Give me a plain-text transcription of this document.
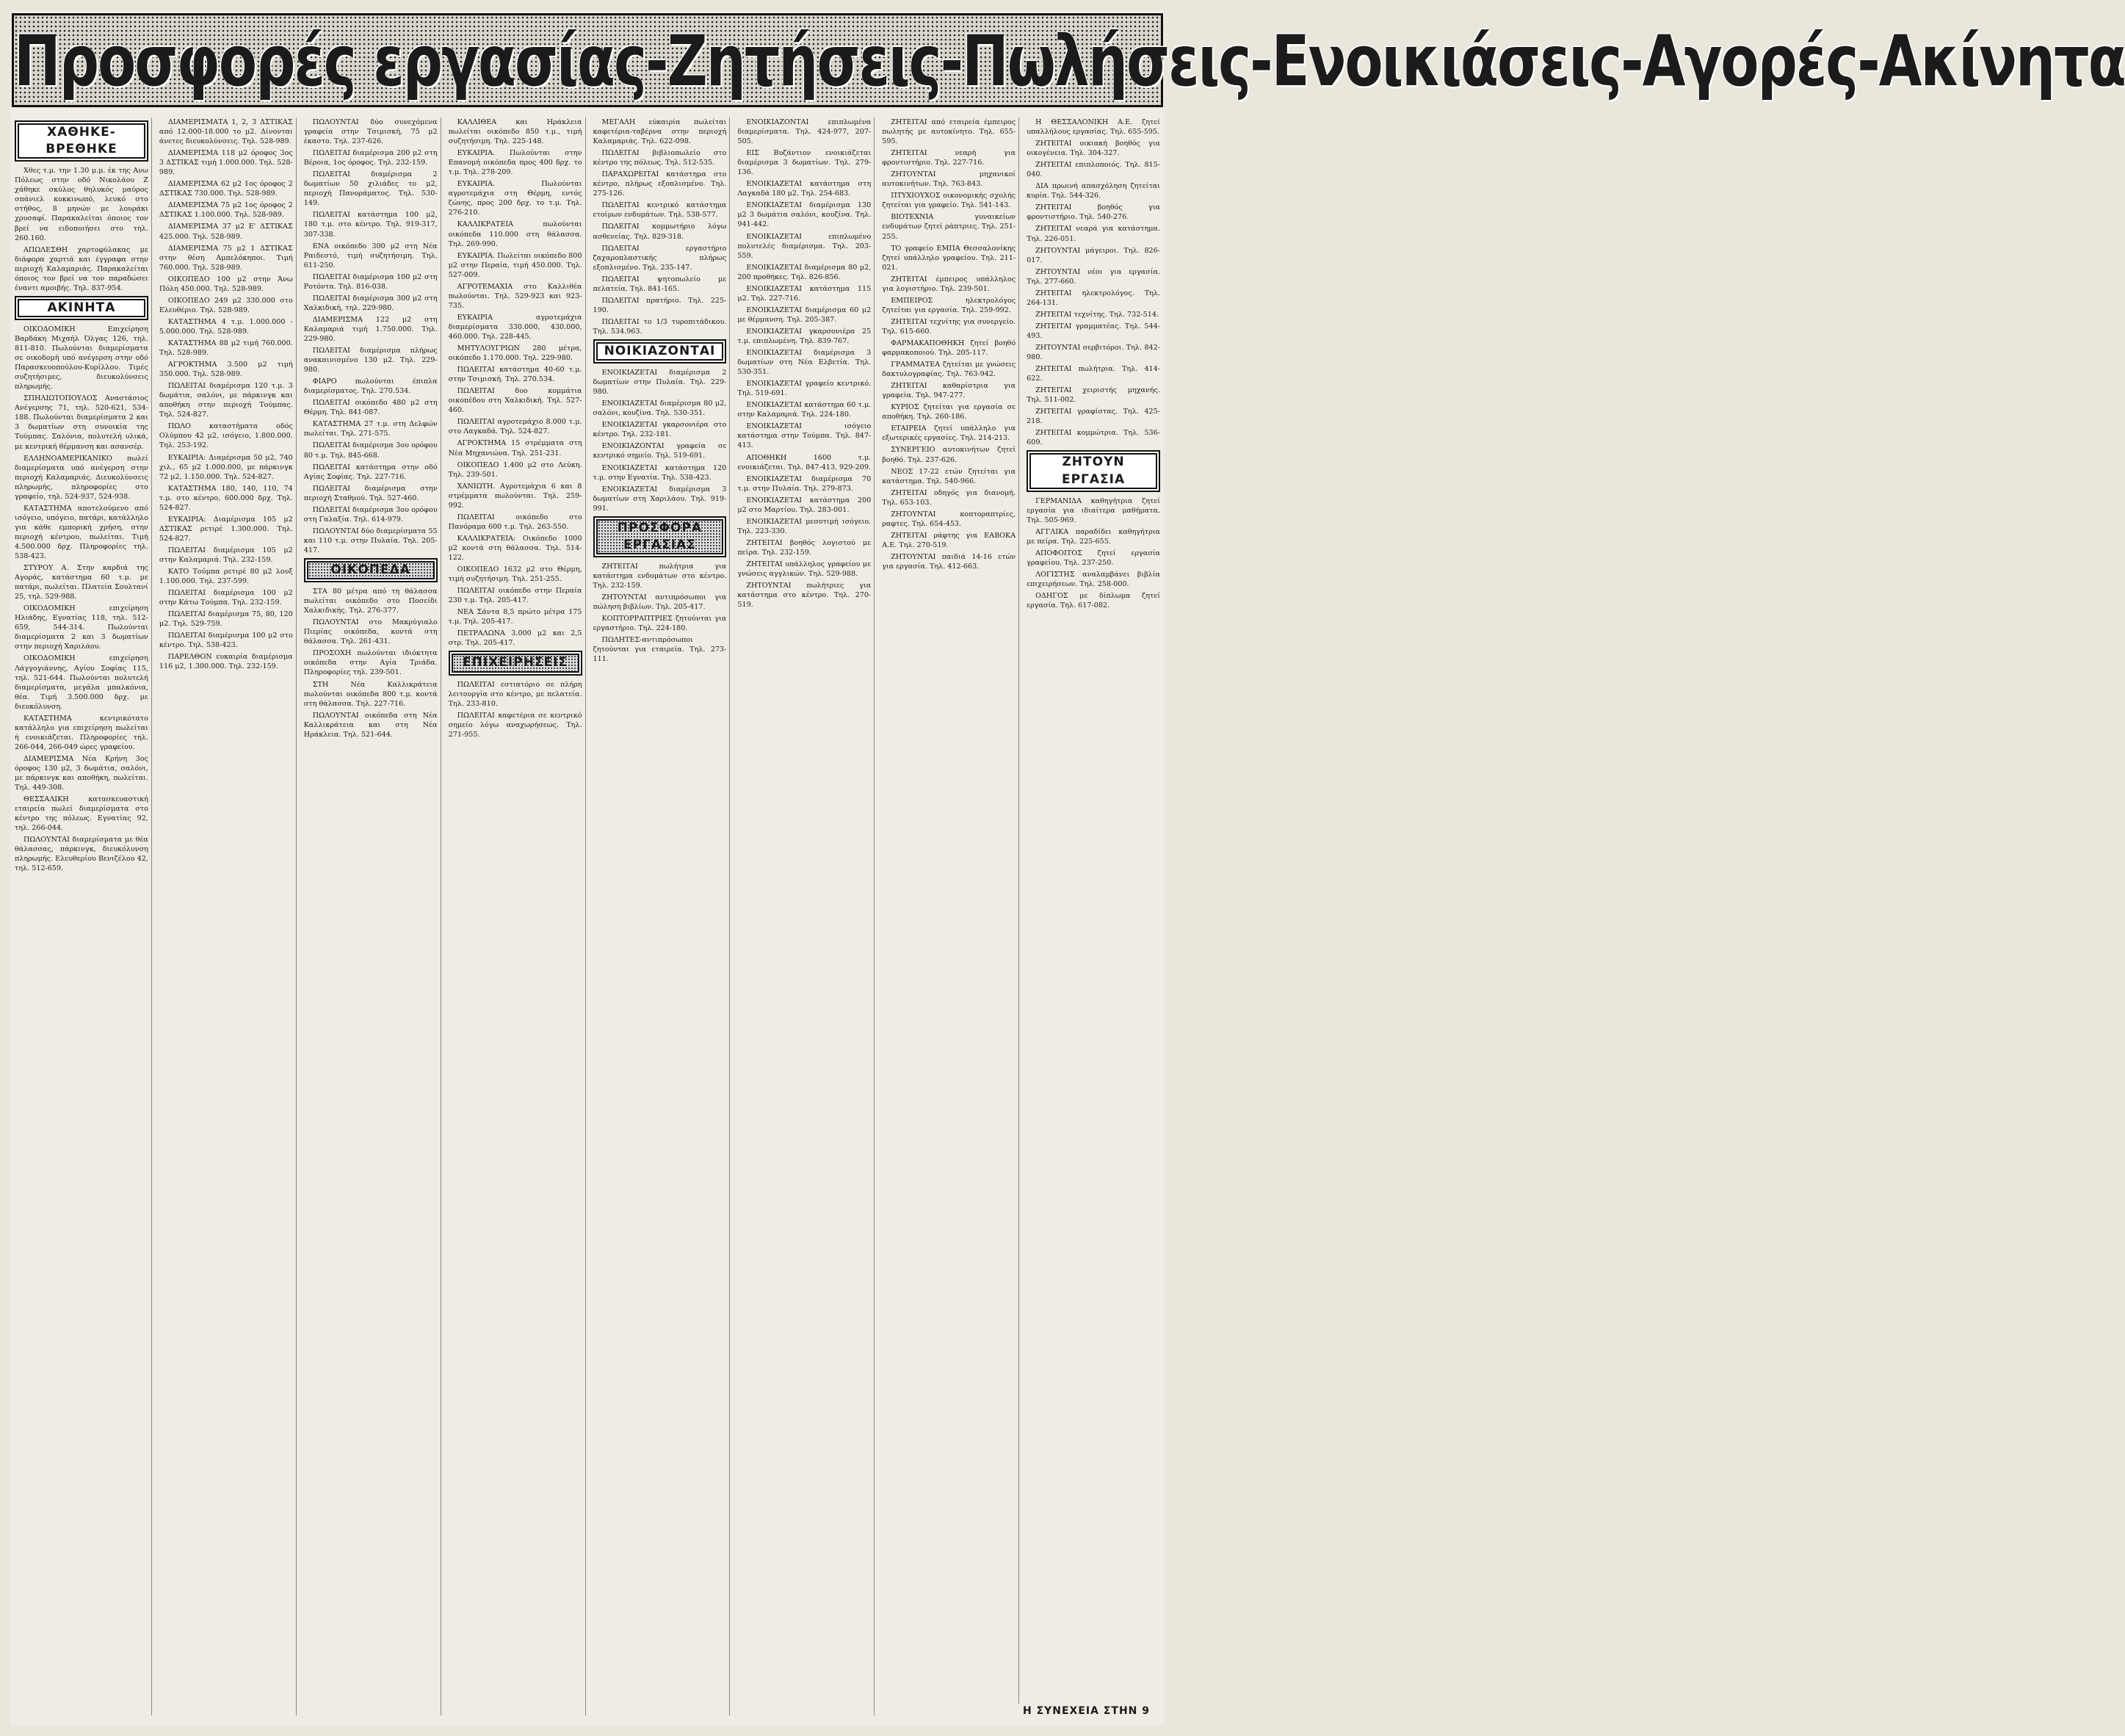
Προσφορές εργασίας-Ζητήσεις-Πωλήσεις-Ενοικιάσεις-Αγορές-Ακίνητα
ΧΑΘΗΚΕ-ΒΡΕΘΗΚΕ

Χθες τ.μ. την 1.30 μ.μ. έκ της Ανω Πόλεως στην οδό Νικολάου Ζ χάθηκε σκύλος θηλυκός μαύρος σπάνιελ κοκκινωπό, λευκό στο στήθος, 8 μηνών με λουράκι χρυσαφί. Παρακαλείται όποιος τον βρεί να ειδοποιήσει στο τηλ. 260.160.

ΑΠΩΛΕΣΘΗ χαρτοφύλακας με διάφορα χαρτιά και έγγραφα στην περιοχή Καλαμαριάς. Παρακαλείται όποιος τον βρεί να τον παραδώσει έναντι αμοιβής. Τηλ. 837-954.

ΑΚΙΝΗΤΑ

ΟΙΚΟΔΟΜΙΚΗ Επιχείρηση Βαρδάκη Μιχαήλ Όλγας 126, τηλ. 811-810. Πωλούνται διαμερίσματα σε οικοδομή υπό ανέγερση στην οδό Παρασκευοπούλου-Κυρίλλου. Τιμές συζητήσιμες, διευκολύνσεις πληρωμής.

ΣΠΗΛΙΩΤΟΠΟΥΛΟΣ Αναστάσιος Ανέγερσης 71, τηλ. 520-621, 534-188. Πωλούνται διαμερίσματα 2 και 3 δωματίων στη συνοικία της Τούμπας. Σαλόνια, πολυτελή υλικά, με κεντρική θέρμανση και ασανσέρ.

ΕΛΛΗΝΟΑΜΕΡΙΚΑΝΙΚΟ πωλεί διαμερίσματα υπό ανέγερση στην περιοχή Καλαμαριάς. Διευκολύνσεις πληρωμής, πληροφορίες στο γραφείο, τηλ. 524-937, 524-938.

ΚΑΤΑΣΤΗΜΑ αποτελούμενο από ισόγειο, υπόγειο, πατάρι, κατάλληλο για κάθε εμπορική χρήση, στην περιοχή κέντρου, πωλείται. Τιμή 4.500.000 δρχ. Πληροφορίες τηλ. 538-423.

ΣΤΥΡΟΥ Α. Στην καρδιά της Αγοράς, κατάστημα 60 τ.μ. με πατάρι, πωλείται. Πλατεία Σουλτανί 25, τηλ. 529-988.

ΟΙΚΟΔΟΜΙΚΗ επιχείρηση Ηλιάδης, Εγνατίας 118, τηλ. 512-659, 544-314. Πωλούνται διαμερίσματα 2 και 3 δωματίων στην περιοχή Χαριλάου.

ΟΙΚΟΔΟΜΙΚΗ επιχείρηση Λάγγογιάννης, Αγίου Σοφίας 115, τηλ. 521-644. Πωλούνται πολυτελή διαμερίσματα, μεγάλα μπαλκόνια, θέα. Τιμή 3.500.000 δρχ. με διευκόλυνση.

ΚΑΤΑΣΤΗΜΑ κεντρικότατο κατάλληλο για επιχείρηση πωλείται ή ενοικιάζεται. Πληροφορίες τηλ. 266-044, 266-049 ώρες γραφείου.

ΔΙΑΜΕΡΙΣΜΑ Νέα Κρήνη 3ος όροφος 130 μ2, 3 δωμάτια, σαλόνι, με πάρκινγκ και αποθήκη, πωλείται. Τηλ. 449-308.

ΘΕΣΣΑΛΙΚΗ κατασκευαστική εταιρεία πωλεί διαμερίσματα στο κέντρο της πόλεως. Εγνατίας 92, τηλ. 266-044.

ΠΩΛΟΥΝΤΑΙ διαμερίσματα με θέα θάλασσας, πάρκινγκ, διευκόλυνση πληρωμής. Ελευθερίου Βενιζέλου 42, τηλ. 512-659.

ΔΙΑΜΕΡΙΣΜΑΤΑ 1, 2, 3 ΔΣΤΙΚΑΣ από 12.000-18.000 το μ2. Δίνονται άνετες διευκολύνσεις. Τηλ. 528-989.

ΔΙΑΜΕΡΙΣΜΑ 118 μ2 όροφος 3ος 3 ΔΣΤΙΚΑΣ τιμή 1.000.000. Τηλ. 528-989.

ΔΙΑΜΕΡΙΣΜΑ 62 μ2 1ος όροφος 2 ΔΣΤΙΚΑΣ 730.000. Τηλ. 528-989.

ΔΙΑΜΕΡΙΣΜΑ 75 μ2 1ος όροφος 2 ΔΣΤΙΚΑΣ 1.100.000. Τηλ. 528-989.

ΔΙΑΜΕΡΙΣΜΑ 37 μ2 Ε' ΔΣΤΙΚΑΣ 425.000. Τηλ. 528-989.

ΔΙΑΜΕΡΙΣΜΑ 75 μ2 1 ΔΣΤΙΚΑΣ στην θέση Αμπελόκηποι. Τιμή 760.000. Τηλ. 528-989.

ΟΙΚΟΠΕΔΟ 100 μ2 στην Άνω Πόλη 450.000. Τηλ. 528-989.

ΟΙΚΟΠΕΔΟ 249 μ2 330.000 στο Ελευθέριο. Τηλ. 528-989.

ΚΑΤΑΣΤΗΜΑ 4 τ.μ. 1.000.000 - 5.000.000. Τηλ. 528-989.

ΚΑΤΑΣΤΗΜΑ 88 μ2 τιμή 760.000. Τηλ. 528-989.

ΑΓΡΟΚΤΗΜΑ 3.500 μ2 τιμή 350.000. Τηλ. 528-989.

ΠΩΛΕΙΤΑΙ διαμέρισμα 120 τ.μ. 3 δωμάτια, σαλόνι, με πάρκινγκ και αποθήκη στην περιοχή Τούμπας. Τηλ. 524-827.

ΠΩΛΟ καταστήματα οδός Ολύμπου 42 μ2, ισόγειο, 1.800.000. Τηλ. 253-192.

ΕΥΚΑΙΡΙΑ: Διαμέρισμα 50 μ2, 740 χιλ., 65 μ2 1.000.000, με πάρκινγκ 72 μ2, 1.150.000. Τηλ. 524-827.

ΚΑΤΑΣΤΗΜΑ 180, 140, 110, 74 τ.μ. στο κέντρο, 600.000 δρχ. Τηλ. 524-827.

ΕΥΚΑΙΡΙΑ: Διαμέρισμα 105 μ2 ΔΣΤΙΚΑΣ ρετιρέ 1.300.000. Τηλ. 524-827.

ΠΩΛΕΙΤΑΙ διαμέρισμα 105 μ2 στην Καλαμαριά. Τηλ. 232-159.

ΚΑΤΟ Τούμπα ρετιρέ 80 μ2 λουξ 1.100.000. Τηλ. 237-599.

ΠΩΛΕΙΤΑΙ διαμέρισμα 100 μ2 στην Κάτω Τούμπα. Τηλ. 232-159.

ΠΩΛΕΙΤΑΙ διαμέρισμα 75, 80, 120 μ2. Τηλ. 529-759.

ΠΩΛΕΙΤΑΙ διαμέρισμα 100 μ2 στο κέντρο. Τηλ. 538-423.

ΠΑΡΕΛΘΟΝ ευκαιρία διαμέρισμα 116 μ2, 1.300.000. Τηλ. 232-159.

ΠΩΛΟΥΝΤΑΙ δύο συνεχόμενα γραφεία στην Τσιμισκή, 75 μ2 έκαστο. Τηλ. 237-626.

ΠΩΛΕΙΤΑΙ διαμέρισμα 200 μ2 στη Βέροια, 1ος όροφος. Τηλ. 232-159.

ΠΩΛΕΙΤΑΙ διαμέρισμα 2 δωματίων 50 χιλιάδες το μ2, περιοχή Πανοράματος. Τηλ. 530-149.

ΠΩΛΕΙΤΑΙ κατάστημα 100 μ2, 180 τ.μ. στο κέντρο. Τηλ. 919-317, 307-338.

ΕΝΑ οικόπεδο 300 μ2 στη Νέα Ραιδεστό, τιμή συζητήσιμη. Τηλ. 611-250.

ΠΩΛΕΙΤΑΙ διαμέρισμα 100 μ2 στη Ροτόντα. Τηλ. 816-038.

ΠΩΛΕΙΤΑΙ διαμέρισμα 300 μ2 στη Χαλκιδική, τηλ. 229-980.

ΔΙΑΜΕΡΙΣΜΑ 122 μ2 στη Καλαμαριά τιμή 1.750.000. Τηλ. 229-980.

ΠΩΛΕΙΤΑΙ διαμέρισμα πλήρως ανακαινισμένο 130 μ2. Τηλ. 229-980.

ΦΙΑΡΟ πωλούνται έπιπλα διαμερίσματος. Τηλ. 270.534.

ΠΩΛΕΙΤΑΙ οικόπεδο 480 μ2 στη Θέρμη. Τηλ. 841-087.

ΚΑΤΑΣΤΗΜΑ 27 τ.μ. στη Δελφών πωλείται. Τηλ. 271-575.

ΠΩΛΕΙΤΑΙ διαμέρισμα 3ου ορόφου 80 τ.μ. Τηλ. 845-668.

ΠΩΛΕΙΤΑΙ κατάστημα στην οδό Αγίας Σοφίας. Τηλ. 227-716.

ΠΩΛΕΙΤΑΙ διαμέρισμα στην περιοχή Σταθμού. Τηλ. 527-460.

ΠΩΛΕΙΤΑΙ διαμέρισμα 3ου ορόφου στη Γαλαξία. Τηλ. 614-979.

ΠΩΛΟΥΝΤΑΙ δύο διαμερίσματα 55 και 110 τ.μ. στην Πυλαία. Τηλ. 205-417.

ΟΙΚΟΠΕΔΑ

ΣΤΑ 80 μέτρα από τη θάλασσα πωλείται οικόπεδο στο Ποσείδι Χαλκιδικής. Τηλ. 276-377.

ΠΩΛΟΥΝΤΑΙ στο Μακρύγιαλο Πιερίας οικόπεδα, κοντά στη θάλασσα. Τηλ. 261-431.

ΠΡΟΣΟΧΗ πωλούνται ιδιόκτητα οικόπεδα στην Αγία Τριάδα. Πληροφορίες τηλ. 239-501.

ΣΤΗ Νέα Καλλικράτεια πωλούνται οικόπεδα 800 τ.μ. κοντά στη θάλασσα. Τηλ. 227-716.

ΠΩΛΟΥΝΤΑΙ οικόπεδα στη Νέα Καλλικράτεια και στη Νέα Ηράκλεια. Τηλ. 521-644.

ΚΑΛΛΙΘΕΑ και Ηράκλεια πωλείται οικόπεδο 850 τ.μ., τιμή συζητήσιμη. Τηλ. 225-148.

ΕΥΚΑΙΡΙΑ. Πωλούνται στην Επανομή οικόπεδα προς 400 δρχ. το τ.μ. Τηλ. 278-209.

ΕΥΚΑΙΡΙΑ. Πωλούνται αγροτεμάχια στη Θέρμη, εντός ζώνης, προς 200 δρχ. το τ.μ. Τηλ. 276-210.

ΚΑΛΛΙΚΡΑΤΕΙΑ πωλούνται οικόπεδα 110.000 στη θάλασσα. Τηλ. 269-990.

ΕΥΚΑΙΡΙΑ. Πωλείται οικόπεδο 800 μ2 στην Περαία, τιμή 450.000. Τηλ. 527-009.

ΑΓΡΟΤΕΜΑΧΙΑ στο Καλλιθέα πωλούνται. Τηλ. 529-923 και 923-735.

ΕΥΚΑΙΡΙΑ αγροτεμάχια διαμερίσματα 330.000, 430.000, 460.000. Τηλ. 228-445.

ΜΗΤΥΛΟΥΓΡΙΩΝ 280 μέτρα, οικόπεδο 1.170.000. Τηλ. 229-980.

ΠΩΛΕΙΤΑΙ κατάστημα 40-60 τ.μ. στην Τσιμισκή. Τηλ. 270.534.

ΠΩΛΕΙΤΑΙ δυο κομμάτια οικοπέδου στη Χαλκιδική. Τηλ. 527-460.

ΠΩΛΕΙΤΑΙ αγροτεμάχιο 8.000 τ.μ. στο Λαγκαδά. Τηλ. 524-827.

ΑΓΡΟΚΤΗΜΑ 15 στρέμματα στη Νέα Μηχανιώνα. Τηλ. 251-231.

ΟΙΚΟΠΕΔΟ 1.400 μ2 στο Λεύκη. Τηλ. 239-501.

ΧΑΝΙΩΤΗ. Αγροτεμάχια 6 και 8 στρέμματα πωλούνται. Τηλ. 259-992.

ΠΩΛΕΙΤΑΙ οικόπεδο στο Πανόραμα 600 τ.μ. Τηλ. 263-550.

ΚΑΛΛΙΚΡΑΤΕΙΑ: Οικόπεδο 1000 μ2 κοντά στη θάλασσα. Τηλ. 514-122.

ΟΙΚΟΠΕΔΟ 1632 μ2 στο Θέρμη, τιμή συζητήσιμη. Τηλ. 251-255.

ΠΩΛΕΙΤΑΙ οικόπεδο στην Περαία 230 τ.μ. Τηλ. 205-417.

ΝΕΑ Σάντα 8,5 πρώτο μέτρα 175 τ.μ. Τηλ. 205-417.

ΠΕΤΡΑΛΩΝΑ 3.000 μ2 και 2,5 στρ. Τηλ. 205-417.

ΕΠΙΧΕΙΡΗΣΕΙΣ

ΠΩΛΕΙΤΑΙ εστιατόριο σε πλήρη λειτουργία στο κέντρο, με πελατεία. Τηλ. 233-810.

ΠΩΛΕΙΤΑΙ καφετέρια σε κεντρικό σημείο λόγω αναχωρήσεως. Τηλ. 271-955.

ΜΕΓΑΛΗ εύκαιρία πωλείται καφετέρια-ταβέρνα στην περιοχή Καλαμαριάς. Τηλ. 622-098.

ΠΩΛΕΙΤΑΙ βιβλιοπωλείο στο κέντρο της πόλεως. Τηλ. 512-535.

ΠΑΡΑΧΩΡΕΙΤΑΙ κατάστημα στο κέντρο, πλήρως εξοπλισμένο. Τηλ. 275-126.

ΠΩΛΕΙΤΑΙ κεντρικό κατάστημα ετοίμων ενδυμάτων. Τηλ. 538-577.

ΠΩΛΕΙΤΑΙ κομμωτήριο λόγω ασθενείας. Τηλ. 829-318.

ΠΩΛΕΙΤΑΙ εργαστήριο ζαχαροπλαστικής πλήρως εξοπλισμένο. Τηλ. 235-147.

ΠΩΛΕΙΤΑΙ ψητοπωλείο με πελατεία. Τηλ. 841-165.

ΠΩΛΕΙΤΑΙ πρατήριο. Τηλ. 225-190.

ΠΩΛΕΙΤΑΙ το 1/3 τυροπιτάδικου. Τηλ. 534.963.

ΝΟΙΚΙΑΖΟΝΤΑΙ

ΕΝΟΙΚΙΑΖΕΤΑΙ διαμέρισμα 2 δωματίων στην Πυλαία. Τηλ. 229-980.

ΕΝΟΙΚΙΑΖΕΤΑΙ διαμέρισμα 80 μ2, σαλόνι, κουζίνα. Τηλ. 530-351.

ΕΝΟΙΚΙΑΖΕΤΑΙ γκαρσονιέρα στο κέντρο. Τηλ. 232-181.

ΕΝΟΙΚΙΑΖΟΝΤΑΙ γραφεία σε κεντρικό σημείο. Τηλ. 519-691.

ΕΝΟΙΚΙΑΖΕΤΑΙ κατάστημα 120 τ.μ. στην Εγνατία. Τηλ. 538-423.

ΕΝΟΙΚΙΑΖΕΤΑΙ διαμέρισμα 3 δωματίων στη Χαριλάου. Τηλ. 919-991.

ΠΡΟΣΦΟΡΑ ΕΡΓΑΣΙΑΣ

ΖΗΤΕΙΤΑΙ πωλήτρια για κατάστημα ενδυμάτων στο κέντρο. Τηλ. 232-159.

ΖΗΤΟΥΝΤΑΙ αντιπρόσωποι για πώληση βιβλίων. Τηλ. 205-417.

ΚΟΠΤΟΡΡΑΠΤΡΙΕΣ ζητούνται για εργαστήριο. Τηλ. 224-180.

ΠΩΛΗΤΕΣ-αντιπρόσωποι ζητούνται για εταιρεία. Τηλ. 273-111.

ΕΝΟΙΚΙΑΖΟΝΤΑΙ επιπλωμένα διαμερίσματα. Τηλ. 424-977, 207-505.

ΕΙΣ Βυζάντιον ενοικιάζεται διαμέρισμα 3 δωματίων. Τηλ. 279-136.

ΕΝΟΙΚΙΑΖΕΤΑΙ κατάστημα στη Λαγκαδά 180 μ2. Τηλ. 254-683.

ΕΝΟΙΚΙΑΖΕΤΑΙ διαμέρισμα 130 μ2 3 δωμάτια σαλόνι, κουζίνα. Τηλ. 941-442.

ΕΝΟΙΚΙΑΖΕΤΑΙ επιπλωμένο πολυτελές διαμέρισμα. Τηλ. 203-559.

ΕΝΟΙΚΙΑΖΕΤΑΙ διαμέρισμα 80 μ2, 200 προθήκες. Τηλ. 826-856.

ΕΝΟΙΚΙΑΖΕΤΑΙ κατάστημα 115 μ2. Τηλ. 227-716.

ΕΝΟΙΚΙΑΖΕΤΑΙ διαμέρισμα 60 μ2 με θέρμανση. Τηλ. 205-387.

ΕΝΟΙΚΙΑΖΕΤΑΙ γκαρσονιέρα 25 τ.μ. επιπλωμένη. Τηλ. 839-767.

ΕΝΟΙΚΙΑΖΕΤΑΙ διαμέρισμα 3 δωματίων στη Νέα Ελβετία. Τηλ. 530-351.

ΕΝΟΙΚΙΑΖΕΤΑΙ γραφείο κεντρικό. Τηλ. 519-691.

ΕΝΟΙΚΙΑΖΕΤΑΙ κατάστημα 60 τ.μ. στην Καλαμαριά. Τηλ. 224-180.

ΕΝΟΙΚΙΑΖΕΤΑΙ ισόγειο κατάστημα στην Τούμπα. Τηλ. 847-413.

ΑΠΟΘΗΚΗ 1600 τ.μ. ενοικιάζεται. Τηλ. 847-413, 929-209.

ΕΝΟΙΚΙΑΖΕΤΑΙ διαμέρισμα 70 τ.μ. στην Πυλαία. Τηλ. 279-873.

ΕΝΟΙΚΙΑΖΕΤΑΙ κατάστημα 200 μ2 στο Μαρτίου. Τηλ. 283-001.

ΕΝΟΙΚΙΑΖΕΤΑΙ μεσοτιμή ισόγειο. Τηλ. 223-330.

ΖΗΤΕΙΤΑΙ βοηθός λογιστού με πείρα. Τηλ. 232-159.

ΖΗΤΕΙΤΑΙ υπάλληλος γραφείου με γνώσεις αγγλικών. Τηλ. 529-988.

ΖΗΤΟΥΝΤΑΙ πωλήτριες για κατάστημα στο κέντρο. Τηλ. 270-519.

ΖΗΤΕΙΤΑΙ από εταιρεία έμπειρος πωλητής με αυτοκίνητο. Τηλ. 655-595.

ΖΗΤΕΙΤΑΙ νεαρή για φροντιστήριο. Τηλ. 227-716.

ΖΗΤΟΥΝΤΑΙ μηχανικοί αυτοκινήτων. Τηλ. 763-843.

ΠΤΥΧΙΟΥΧΟΣ οικονομικής σχολής ζητείται για γραφείο. Τηλ. 541-143.

ΒΙΟΤΕΧΝΙΑ γυναικείων ενδυμάτων ζητεί ράπτριες. Τηλ. 251-255.

ΤΟ γραφείο ΕΜΠΑ Θεσσαλονίκης ζητεί υπάλληλο γραφείου. Τηλ. 211-021.

ΖΗΤΕΙΤΑΙ έμπειρος υπάλληλος για λογιστήριο. Τηλ. 239-501.

ΕΜΠΕΙΡΟΣ ηλεκτρολόγος ζητείται για εργασία. Τηλ. 259-992.

ΖΗΤΕΙΤΑΙ τεχνίτης για συνεργείο. Τηλ. 615-660.

ΦΑΡΜΑΚΑΠΟΘΗΚΗ ζητεί βοηθό φαρμακοποιού. Τηλ. 205-117.

ΓΡΑΜΜΑΤΕΑ ζητείται με γνώσεις δακτυλογραφίας. Τηλ. 763-942.

ΖΗΤΕΙΤΑΙ καθαρίστρια για γραφεία. Τηλ. 947-277.

ΚΥΡΙΟΣ ζητείται για εργασία σε αποθήκη. Τηλ. 260-186.

ΕΤΑΙΡΕΙΑ ζητεί υπάλληλο για εξωτερικές εργασίες. Τηλ. 214-213.

ΣΥΝΕΡΓΕΙΟ αυτοκινήτων ζητεί βοηθό. Τηλ. 237-626.

ΝΕΟΣ 17-22 ετών ζητείται για κατάστημα. Τηλ. 540-966.

ΖΗΤΕΙΤΑΙ οδηγός για διανομή. Τηλ. 653-103.

ΖΗΤΟΥΝΤΑΙ κοπτοραπτρίες, ραφτες. Τηλ. 654-453.

ΖΗΤΕΙΤΑΙ ράφτης για ΕΑΒΟΚΑ Α.Ε. Τηλ. 270-519.

ΖΗΤΟΥΝΤΑΙ παιδιά 14-16 ετών για εργασία. Τηλ. 412-663.

Η ΘΕΣΣΑΛΟΝΙΚΗ Α.Ε. ζητεί υπαλλήλους εργασίας. Τηλ. 655-595.

ΖΗΤΕΙΤΑΙ οικιακή βοηθός για οικογένεια. Τηλ. 304-327.

ΖΗΤΕΙΤΑΙ επιπλοποιός. Τηλ. 815-040.

ΔΙΑ πρωινή απασχόληση ζητείται κυρία. Τηλ. 544-326.

ΖΗΤΕΙΤΑΙ βοηθός για φροντιστήριο. Τηλ. 540-276.

ΖΗΤΕΙΤΑΙ νεαρά για κατάστημα. Τηλ. 226-051.

ΖΗΤΟΥΝΤΑΙ μάγειροι. Τηλ. 826-017.

ΖΗΤΟΥΝΤΑΙ νέοι για εργασία. Τηλ. 277-660.

ΖΗΤΕΙΤΑΙ ηλεκτρολόγος. Τηλ. 264-131.

ΖΗΤΕΙΤΑΙ τεχνίτης. Τηλ. 732-514.

ΖΗΤΕΙΤΑΙ γραμματέας. Τηλ. 544-493.

ΖΗΤΟΥΝΤΑΙ σερβιτόροι. Τηλ. 842-980.

ΖΗΤΕΙΤΑΙ πωλήτρια. Τηλ. 414-622.

ΖΗΤΕΙΤΑΙ χειριστής μηχανής. Τηλ. 511-002.

ΖΗΤΕΙΤΑΙ γραφίστας. Τηλ. 425-218.

ΖΗΤΕΙΤΑΙ κομμώτρια. Τηλ. 536-609.

ΖΗΤΟΥΝ ΕΡΓΑΣΙΑ

ΓΕΡΜΑΝΙΔΑ καθηγήτρια ζητεί εργασία για ιδιαίτερα μαθήματα. Τηλ. 505-969.

ΑΓΓΛΙΚΑ παραδίδει καθηγήτρια με πείρα. Τηλ. 225-655.

ΑΠΟΦΟΙΤΟΣ ζητεί εργασία γραφείου. Τηλ. 237-250.

ΛΟΓΙΣΤΗΣ αναλαμβάνει βιβλία επιχειρήσεων. Τηλ. 258-000.

ΟΔΗΓΟΣ με δίπλωμα ζητεί εργασία. Τηλ. 617-082.

Η ΣΥΝΕΧΕΙΑ ΣΤΗΝ 9
